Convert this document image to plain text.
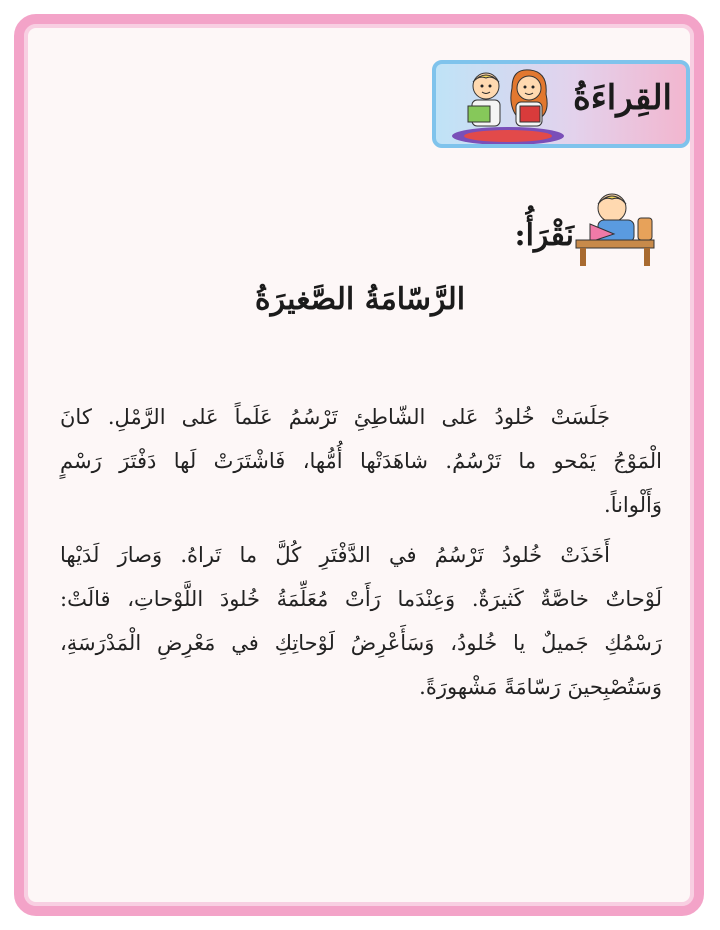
القِراءَةُ
نَقْرَأُ:
الرَّسّامَةُ الصَّغيرَةُ

جَلَسَتْ خُلودُ عَلى الشّاطِئِ تَرْسُمُ عَلَماً عَلى الرَّمْلِ. كانَ
الْمَوْجُ يَمْحو ما تَرْسُمُ. شاهَدَتْها أُمُّها، فَاشْتَرَتْ لَها دَفْتَرَ رَسْمٍ
وَأَلْواناً.

أَخَذَتْ خُلودُ تَرْسُمُ في الدَّفْتَرِ كُلَّ ما تَراهُ. وَصارَ لَدَيْها
لَوْحاتٌ خاصَّةٌ كَثيرَةٌ. وَعِنْدَما رَأَتْ مُعَلِّمَةُ خُلودَ اللَّوْحاتِ، قالَتْ:
رَسْمُكِ جَميلٌ يا خُلودُ، وَسَأَعْرِضُ لَوْحاتِكِ في مَعْرِضِ الْمَدْرَسَةِ،
وَسَتُصْبِحينَ رَسّامَةً مَشْهورَةً.
